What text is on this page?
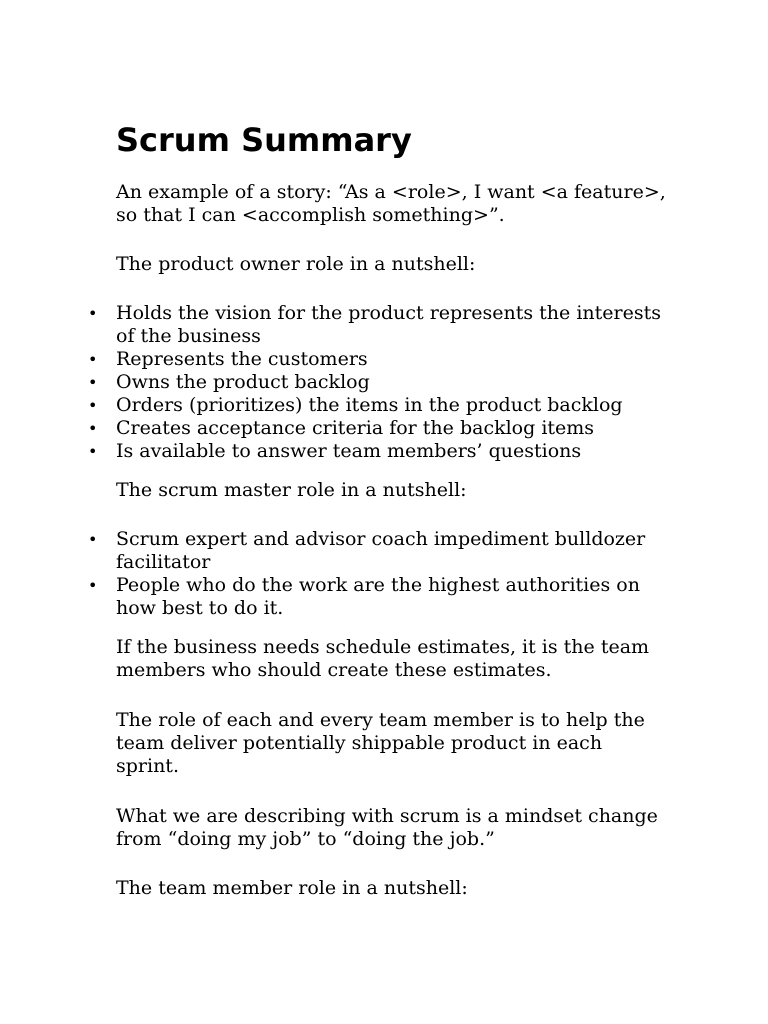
Scrum Summary

An example of a story: “As a <role>, I want <a feature>,
so that I can <accomplish something>”.

The product owner role in a nutshell:

• Holds the vision for the product represents the interests
of the business
• Represents the customers
• Owns the product backlog
• Orders (prioritizes) the items in the product backlog
• Creates acceptance criteria for the backlog items
• Is available to answer team members’ questions

The scrum master role in a nutshell:

• Scrum expert and advisor coach impediment bulldozer
facilitator
• People who do the work are the highest authorities on
how best to do it.

If the business needs schedule estimates, it is the team
members who should create these estimates.

The role of each and every team member is to help the
team deliver potentially shippable product in each
sprint.

What we are describing with scrum is a mindset change
from “doing my job” to “doing the job.”

The team member role in a nutshell:
